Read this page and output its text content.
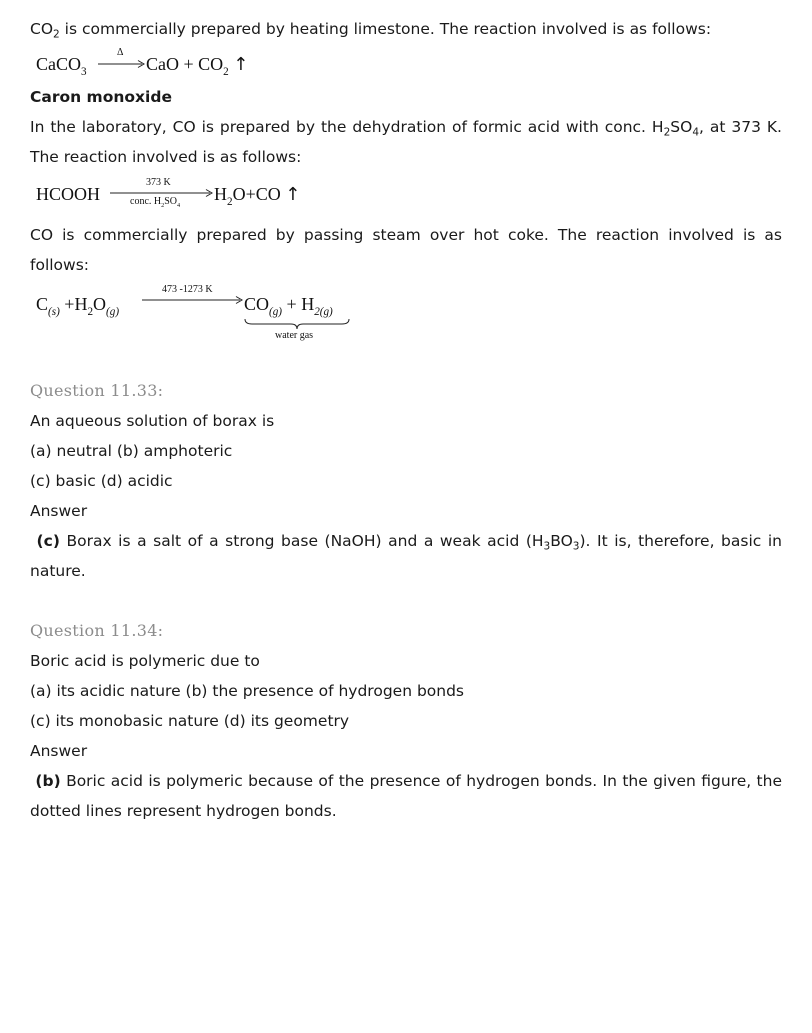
$CO_2$ is commercially prepared by heating limestone. The reaction involved is as follows:

CaCO$_3$
Δ
CaO + $CO_2$ ↑

Caron monoxide

In the laboratory, CO is prepared by the dehydration of formic acid with conc. $H_2SO_4$, at 373 K. The reaction involved is as follows:

HCOOH
373 K
conc. $H_2SO_4$
$H_2O+CO$ ↑

CO is commercially prepared by passing steam over hot coke. The reaction involved is as follows:

$C_{(s)} +H_2O_{(g)}$
473 -1273 K
$CO_{(g)} + H_{2(g)}$
water gas

Question 11.33:

An aqueous solution of borax is

(a) neutral (b) amphoteric

(c) basic (d) acidic

Answer

(c) Borax is a salt of a strong base (NaOH) and a weak acid $(H_3BO_3)$. It is, therefore, basic in nature.

Question 11.34:

Boric acid is polymeric due to

(a) its acidic nature (b) the presence of hydrogen bonds

(c) its monobasic nature (d) its geometry

Answer

(b) Boric acid is polymeric because of the presence of hydrogen bonds. In the given figure, the dotted lines represent hydrogen bonds.
